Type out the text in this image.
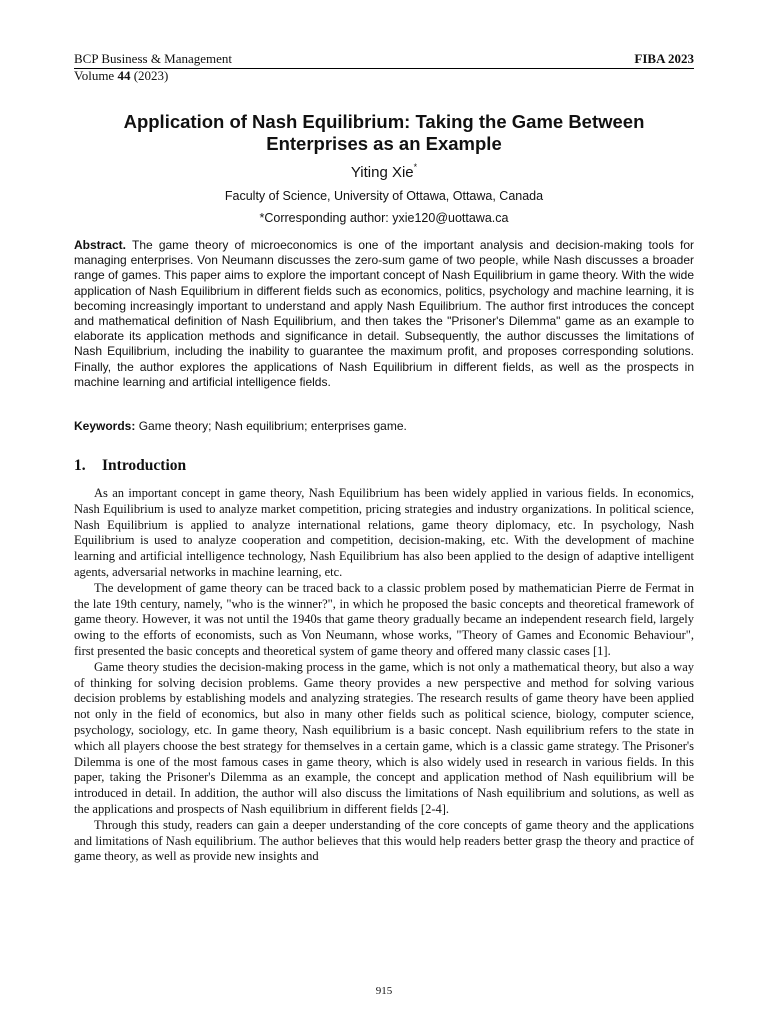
BCP Business & Management	FIBA 2023
Volume 44 (2023)
Application of Nash Equilibrium: Taking the Game Between
Enterprises as an Example
Yiting Xie*
Faculty of Science, University of Ottawa, Ottawa, Canada
*Corresponding author: yxie120@uottawa.ca

Abstract. The game theory of microeconomics is one of the important analysis and decision-making tools for managing enterprises. Von Neumann discusses the zero-sum game of two people, while Nash discusses a broader range of games. This paper aims to explore the important concept of Nash Equilibrium in game theory. With the wide application of Nash Equilibrium in different fields such as economics, politics, psychology and machine learning, it is becoming increasingly important to understand and apply Nash Equilibrium. The author first introduces the concept and mathematical definition of Nash Equilibrium, and then takes the "Prisoner's Dilemma" game as an example to elaborate its application methods and significance in detail. Subsequently, the author discusses the limitations of Nash Equilibrium, including the inability to guarantee the maximum profit, and proposes corresponding solutions. Finally, the author explores the applications of Nash Equilibrium in different fields, as well as the prospects in machine learning and artificial intelligence fields.

Keywords: Game theory; Nash equilibrium; enterprises game.

1. Introduction

As an important concept in game theory, Nash Equilibrium has been widely applied in various fields. In economics, Nash Equilibrium is used to analyze market competition, pricing strategies and industry organizations. In political science, Nash Equilibrium is applied to analyze international relations, game theory diplomacy, etc. In psychology, Nash Equilibrium is used to analyze cooperation and competition, decision-making, etc. With the development of machine learning and artificial intelligence technology, Nash Equilibrium has also been applied to the design of adaptive intelligent agents, adversarial networks in machine learning, etc.

The development of game theory can be traced back to a classic problem posed by mathematician Pierre de Fermat in the late 19th century, namely, "who is the winner?", in which he proposed the basic concepts and theoretical framework of game theory. However, it was not until the 1940s that game theory gradually became an independent research field, largely owing to the efforts of economists, such as Von Neumann, whose works, "Theory of Games and Economic Behaviour", first presented the basic concepts and theoretical system of game theory and offered many classic cases [1].

Game theory studies the decision-making process in the game, which is not only a mathematical theory, but also a way of thinking for solving decision problems. Game theory provides a new perspective and method for solving various decision problems by establishing models and analyzing strategies. The research results of game theory have been applied not only in the field of economics, but also in many other fields such as political science, biology, computer science, psychology, sociology, etc. In game theory, Nash equilibrium is a basic concept. Nash equilibrium refers to the state in which all players choose the best strategy for themselves in a certain game, which is a classic game strategy. The Prisoner's Dilemma is one of the most famous cases in game theory, which is also widely used in research in various fields. In this paper, taking the Prisoner's Dilemma as an example, the concept and application method of Nash equilibrium will be introduced in detail. In addition, the author will also discuss the limitations of Nash equilibrium and solutions, as well as the applications and prospects of Nash equilibrium in different fields [2-4].

Through this study, readers can gain a deeper understanding of the core concepts of game theory and the applications and limitations of Nash equilibrium. The author believes that this would help readers better grasp the theory and practice of game theory, as well as provide new insights and

915
